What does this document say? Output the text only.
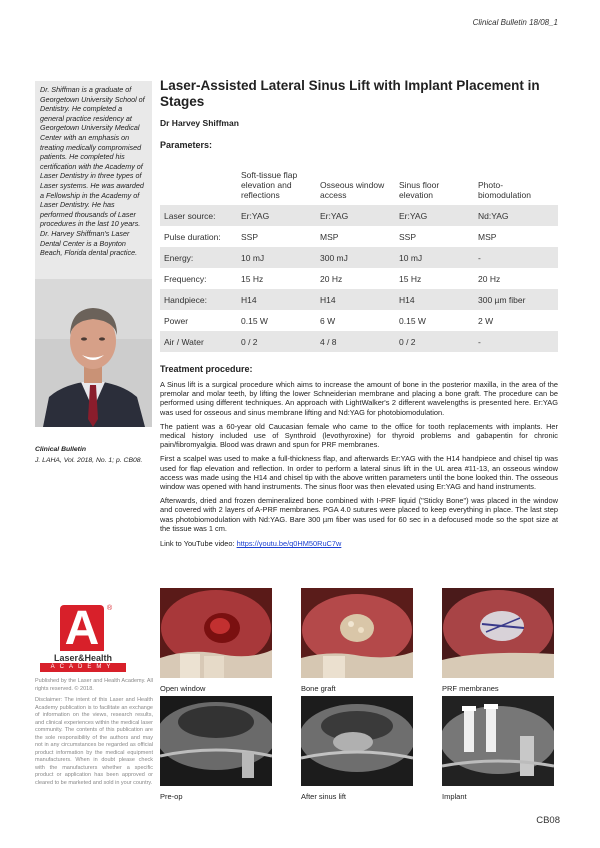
Clinical Bulletin 18/08_1

Dr. Shiffman is a graduate of Georgetown University School of Dentistry. He completed a general practice residency at Georgetown University Medical Center with an emphasis on treating medically compromised patients. He completed his certification with the Academy of Laser Dentistry in three types of Laser systems. He was awarded a Fellowship in the Academy of Laser Dentistry. He has performed thousands of Laser procedures in the last 10 years. Dr. Harvey Shiffman's Laser Dental Center is a Boynton Beach, Florida dental practice.

Clinical Bulletin
J. LAHA, Vol. 2018, No. 1; p. CB08.
A	®
Laser&Health
ACADEMY

Published by the Laser and Health Academy. All rights reserved. © 2018.

Disclaimer: The intent of this Laser and Health Academy publication is to facilitate an exchange of information on the views, research results, and clinical experiences within the medical laser community. The contents of this publication are the sole responsibility of the authors and may not in any circumstances be regarded as official product information by the medical equipment manufacturers. When in doubt please check with the manufacturers whether a specific product or application has been approved or cleared to be marketed and sold in your country.

Laser-Assisted Lateral Sinus Lift with Implant Placement in Stages
Dr Harvey Shiffman
Parameters:
	Soft-tissue flap elevation and reflections	Osseous window access	Sinus floor elevation	Photo-biomodulation
Laser source:	Er:YAG	Er:YAG	Er:YAG	Nd:YAG
Pulse duration:	SSP	MSP	SSP	MSP
Energy:	10 mJ	300 mJ	10 mJ	-
Frequency:	15 Hz	20 Hz	15 Hz	20 Hz
Handpiece:	H14	H14	H14	300 µm fiber
Power	0.15 W	6 W	0.15 W	2 W
Air / Water	0 / 2	4 / 8	0 / 2	-
Treatment procedure:

A Sinus lift is a surgical procedure which aims to increase the amount of bone in the posterior maxilla, in the area of the premolar and molar teeth, by lifting the lower Schneiderian membrane and placing a bone graft. The procedure can be performed using different techniques. An approach with LightWalker's 2 different wavelengths is presented here. Er:YAG was used for osseous and sinus membrane lifting and Nd:YAG for photobiomodulation.

The patient was a 60-year old Caucasian female who came to the office for tooth replacements with implants. Her medical history included use of Synthroid (levothyroxine) for thyroid problems and gabapentin for chronic pain/fibromyalgia. Blood was drawn and spun for PRF membranes.

First a scalpel was used to make a full-thickness flap, and afterwards Er:YAG with the H14 handpiece and chisel tip was used for flap elevation and reflection. In order to perform a lateral sinus lift in the UL area #11-13, an osseous window access was made using the H14 and chisel tip with the above written parameters until the bone looked thin. The osseous window was opened with hand instruments. The sinus floor was then elevated using Er:YAG and hand instruments.

Afterwards, dried and frozen demineralized bone combined with I-PRF liquid ("Sticky Bone") was placed in the window and covered with 2 layers of A-PRF membranes. PGA 4.0 sutures were placed to keep everything in place. The last step was photobiomodulation with Nd:YAG. Bare 300 µm fiber was used for 60 sec in a defocused mode so the spot size at the tissue was 1 cm.

Link to YouTube video: https://youtu.be/q0HM50RuC7w
Open window	Bone graft	PRF membranes
Pre-op	After sinus lift	Implant
CB08
